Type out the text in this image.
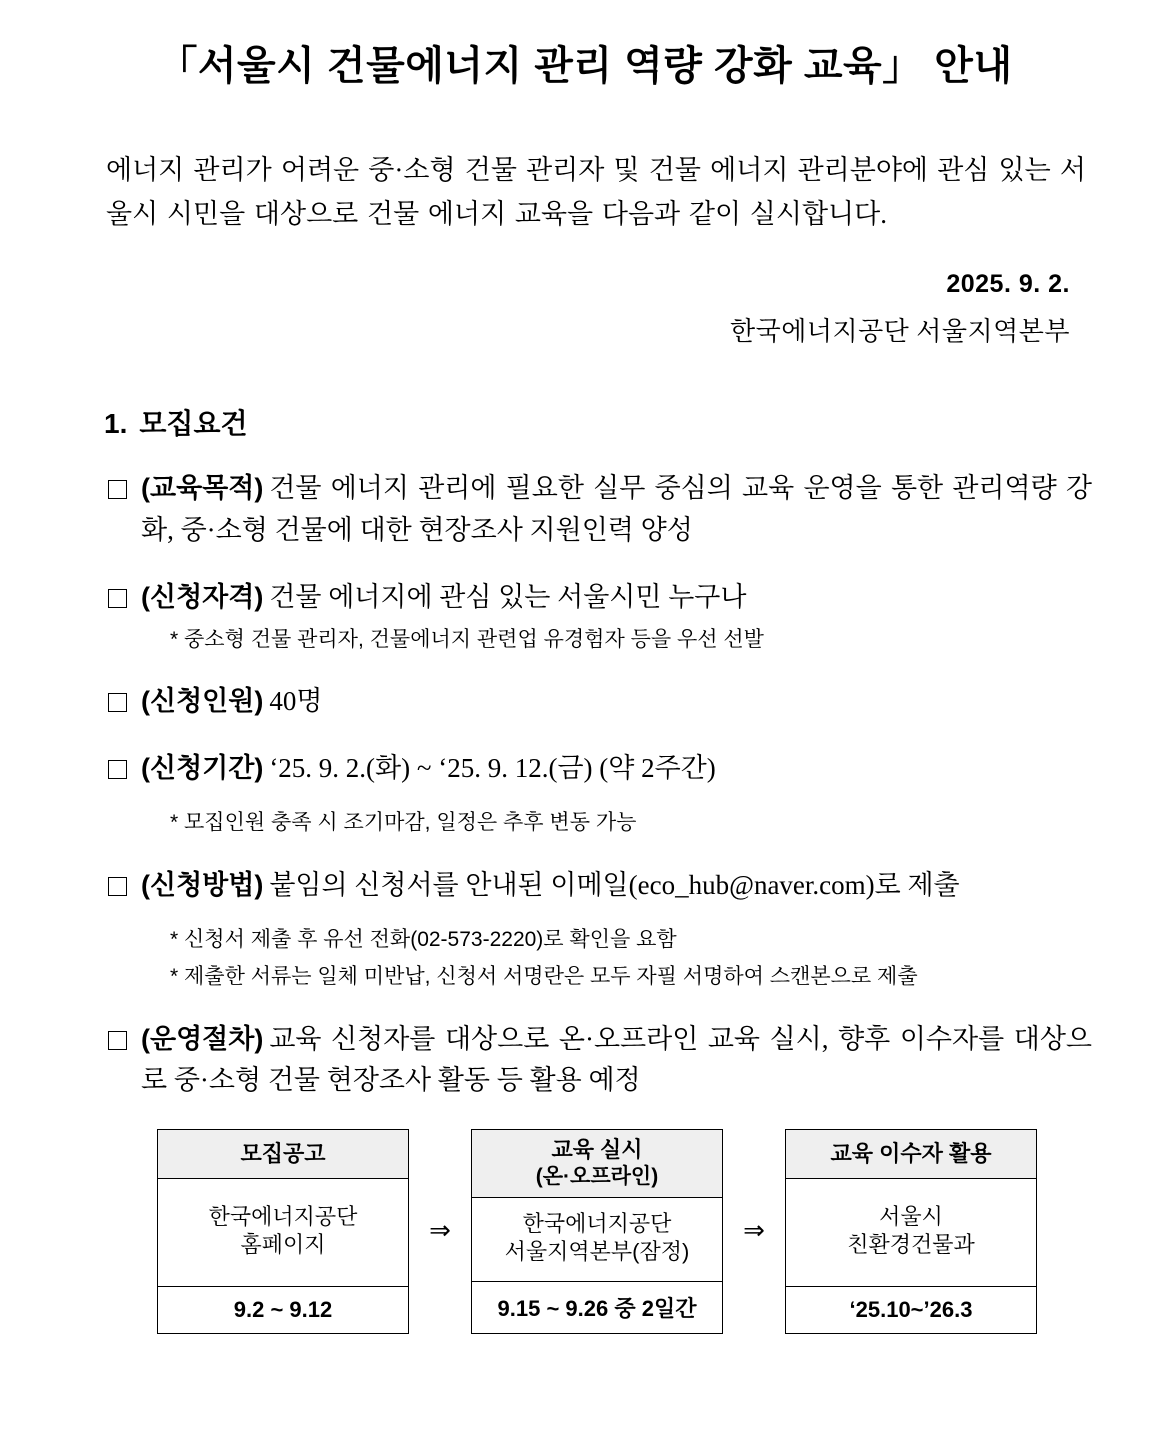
「서울시 건물에너지 관리 역량 강화 교육」 안내

에너지 관리가 어려운 중·소형 건물 관리자 및 건물 에너지 관리분야에 관심 있는 서울시 시민을 대상으로 건물 에너지 교육을 다음과 같이 실시합니다.

2025. 9. 2.
한국에너지공단 서울지역본부
1. 모집요건
(교육목적) 건물 에너지 관리에 필요한 실무 중심의 교육 운영을 통한 관리역량 강화, 중·소형 건물에 대한 현장조사 지원인력 양성
(신청자격) 건물 에너지에 관심 있는 서울시민 누구나
* 중소형 건물 관리자, 건물에너지 관련업 유경험자 등을 우선 선발
(신청인원) 40명
(신청기간) ‘25. 9. 2.(화) ~ ‘25. 9. 12.(금) (약 2주간)
* 모집인원 충족 시 조기마감, 일정은 추후 변동 가능
(신청방법) 붙임의 신청서를 안내된 이메일(eco_hub@naver.com)로 제출
* 신청서 제출 후 유선 전화(02-573-2220)로 확인을 요함
* 제출한 서류는 일체 미반납, 신청서 서명란은 모두 자필 서명하여 스캔본으로 제출
(운영절차) 교육 신청자를 대상으로 온·오프라인 교육 실시, 향후 이수자를 대상으로 중·소형 건물 현장조사 활동 등 활용 예정
모집공고
한국에너지공단
홈페이지
9.2 ~ 9.12
⇒
교육 실시
(온·오프라인)
한국에너지공단
서울지역본부(잠정)
9.15 ~ 9.26 중 2일간
⇒
교육 이수자 활용
서울시
친환경건물과
‘25.10~’26.3
